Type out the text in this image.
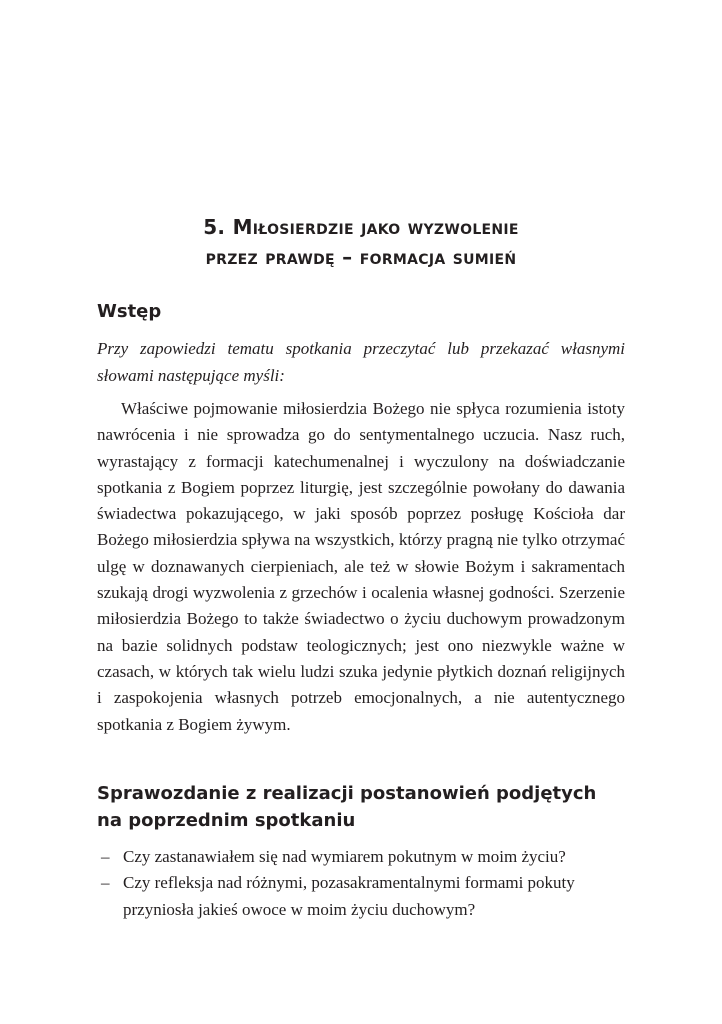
5. Miłosierdzie jako wyzwolenie
przez prawdę – formacja sumień
Wstęp

Przy zapowiedzi tematu spotkania przeczytać lub przekazać własnymi słowami następujące myśli:

Właściwe pojmowanie miłosierdzia Bożego nie spłyca rozumienia istoty nawrócenia i nie sprowadza go do sentymentalnego uczucia. Nasz ruch, wyrastający z formacji katechumenalnej i wyczulony na doświadczanie spotkania z Bogiem poprzez liturgię, jest szczególnie powołany do dawania świadectwa pokazującego, w jaki sposób poprzez posługę Kościoła dar Bożego miłosierdzia spływa na wszystkich, którzy pragną nie tylko otrzymać ulgę w doznawanych cierpieniach, ale też w słowie Bożym i sakramentach szukają drogi wyzwolenia z grzechów i ocalenia własnej godności. Szerzenie miłosierdzia Bożego to także świadectwo o życiu duchowym prowadzonym na bazie solidnych podstaw teologicznych; jest ono niezwykle ważne w czasach, w których tak wielu ludzi szuka jedynie płytkich doznań religijnych i zaspokojenia własnych potrzeb emocjonalnych, a nie autentycznego spotkania z Bogiem żywym.

Sprawozdanie z realizacji postanowień podjętych
na poprzednim spotkaniu
– Czy zastanawiałem się nad wymiarem pokutnym w moim życiu?
– Czy refleksja nad różnymi, pozasakramentalnymi formami pokuty przyniosła jakieś owoce w moim życiu duchowym?
